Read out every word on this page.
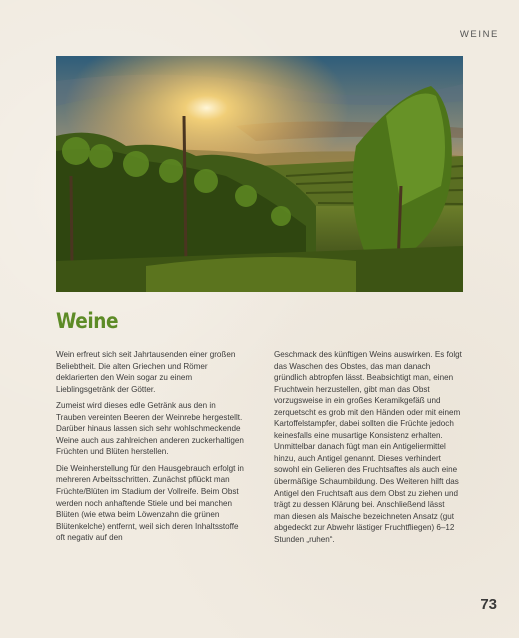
WEINE
Weine

Wein erfreut sich seit Jahrtausenden einer großen Beliebtheit. Die alten Griechen und Römer deklarierten den Wein sogar zu einem Lieblingsgetränk der Götter.

Zumeist wird dieses edle Getränk aus den in Trauben vereinten Beeren der Weinrebe hergestellt. Darüber hinaus lassen sich sehr wohlschmeckende Weine auch aus zahlreichen anderen zuckerhaltigen Früchten und Blüten herstellen.

Die Weinherstellung für den Hausgebrauch erfolgt in mehreren Arbeitsschritten. Zunächst pflückt man Früchte/Blüten im Stadium der Vollreife. Beim Obst werden noch anhaftende Stiele und bei manchen Blüten (wie etwa beim Löwenzahn die grünen Blütenkelche) entfernt, weil sich deren Inhaltsstoffe oft negativ auf den

Geschmack des künftigen Weins auswirken. Es folgt das Waschen des Obstes, das man danach gründlich abtropfen lässt. Beabsichtigt man, einen Fruchtwein herzustellen, gibt man das Obst vorzugsweise in ein großes Keramikgefäß und zerquetscht es grob mit den Händen oder mit einem Kartoffelstampfer, dabei sollten die Früchte jedoch keinesfalls eine musartige Konsistenz erhalten. Unmittelbar danach fügt man ein Antigeliermittel hinzu, auch Antigel genannt. Dieses verhindert sowohl ein Gelieren des Fruchtsaftes als auch eine übermäßige Schaumbildung. Des Weiteren hilft das Antigel den Fruchtsaft aus dem Obst zu ziehen und trägt zu dessen Klärung bei. Anschließend lässt man diesen als Maische bezeichneten Ansatz (gut abgedeckt zur Abwehr lästiger Fruchtfliegen) 6–12 Stunden „ruhen“.

73
